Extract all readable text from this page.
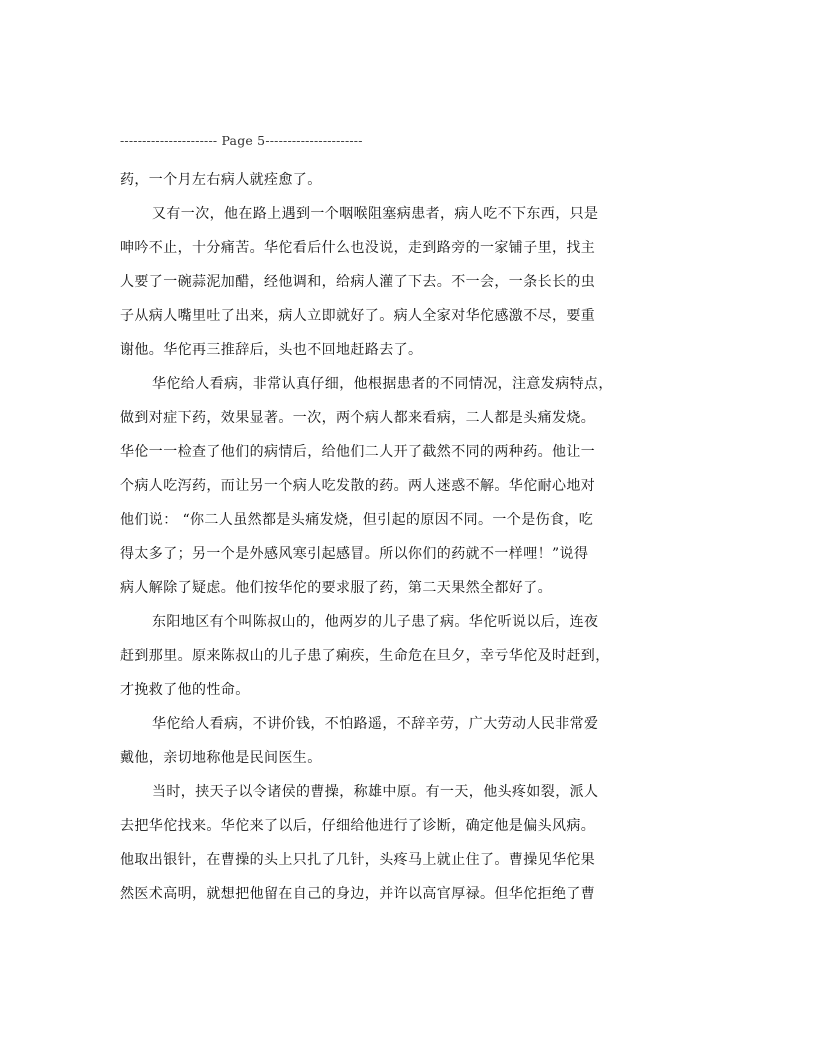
---------------------- Page 5----------------------
药，一个月左右病人就痊愈了。
又有一次，他在路上遇到一个咽喉阻塞病患者，病人吃不下东西，只是
呻吟不止，十分痛苦。华佗看后什么也没说，走到路旁的一家铺子里，找主
人要了一碗蒜泥加醋，经他调和，给病人灌了下去。不一会，一条长长的虫
子从病人嘴里吐了出来，病人立即就好了。病人全家对华佗感激不尽，要重
谢他。华佗再三推辞后，头也不回地赶路去了。
华佗给人看病，非常认真仔细，他根据患者的不同情况，注意发病特点，
做到对症下药，效果显著。一次，两个病人都来看病，二人都是头痛发烧。
华伦一一检查了他们的病情后，给他们二人开了截然不同的两种药。他让一
个病人吃泻药，而让另一个病人吃发散的药。两人迷惑不解。华佗耐心地对
他们说： “你二人虽然都是头痛发烧，但引起的原因不同。一个是伤食，吃
得太多了；另一个是外感风寒引起感冒。所以你们的药就不一样哩！”说得
病人解除了疑虑。他们按华佗的要求服了药，第二天果然全都好了。
东阳地区有个叫陈叔山的，他两岁的儿子患了病。华佗听说以后，连夜
赶到那里。原来陈叔山的儿子患了痢疾，生命危在旦夕，幸亏华佗及时赶到，
才挽救了他的性命。
华佗给人看病，不讲价钱，不怕路遥，不辞辛劳，广大劳动人民非常爱
戴他，亲切地称他是民间医生。
当时，挟天子以令诸侯的曹操，称雄中原。有一天，他头疼如裂，派人
去把华佗找来。华佗来了以后，仔细给他进行了诊断，确定他是偏头风病。
他取出银针，在曹操的头上只扎了几针，头疼马上就止住了。曹操见华佗果
然医术高明，就想把他留在自己的身边，并许以高官厚禄。但华佗拒绝了曹
